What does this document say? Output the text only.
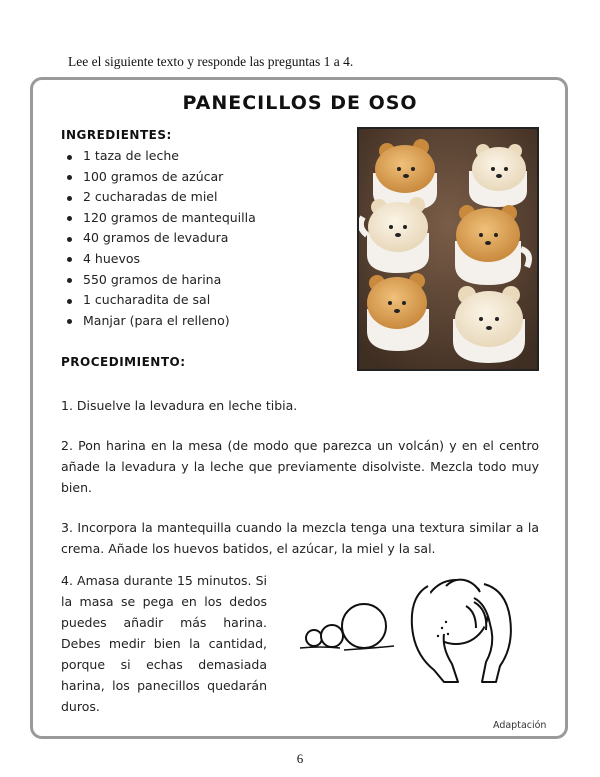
Lee el siguiente texto y responde las preguntas 1 a 4.
PANECILLOS DE OSO
INGREDIENTES:
1 taza de leche
100 gramos de azúcar
2 cucharadas de miel
120 gramos de mantequilla
40 gramos de levadura
4 huevos
550 gramos de harina
1 cucharadita de sal
Manjar (para el relleno)
PROCEDIMIENTO:
1. Disuelve la levadura en leche tibia.
2. Pon harina en la mesa (de modo que parezca un volcán) y en el centro añade la levadura y la leche que previamente disolviste. Mezcla todo muy bien.
3. Incorpora la mantequilla cuando la mezcla tenga una textura similar a la crema. Añade los huevos batidos, el azúcar, la miel y la sal.
4. Amasa durante 15 minutos. Si la masa se pega en los dedos puedes añadir más harina. Debes medir bien la cantidad, porque si echas demasiada harina, los panecillos quedarán duros.
Adaptación
6
